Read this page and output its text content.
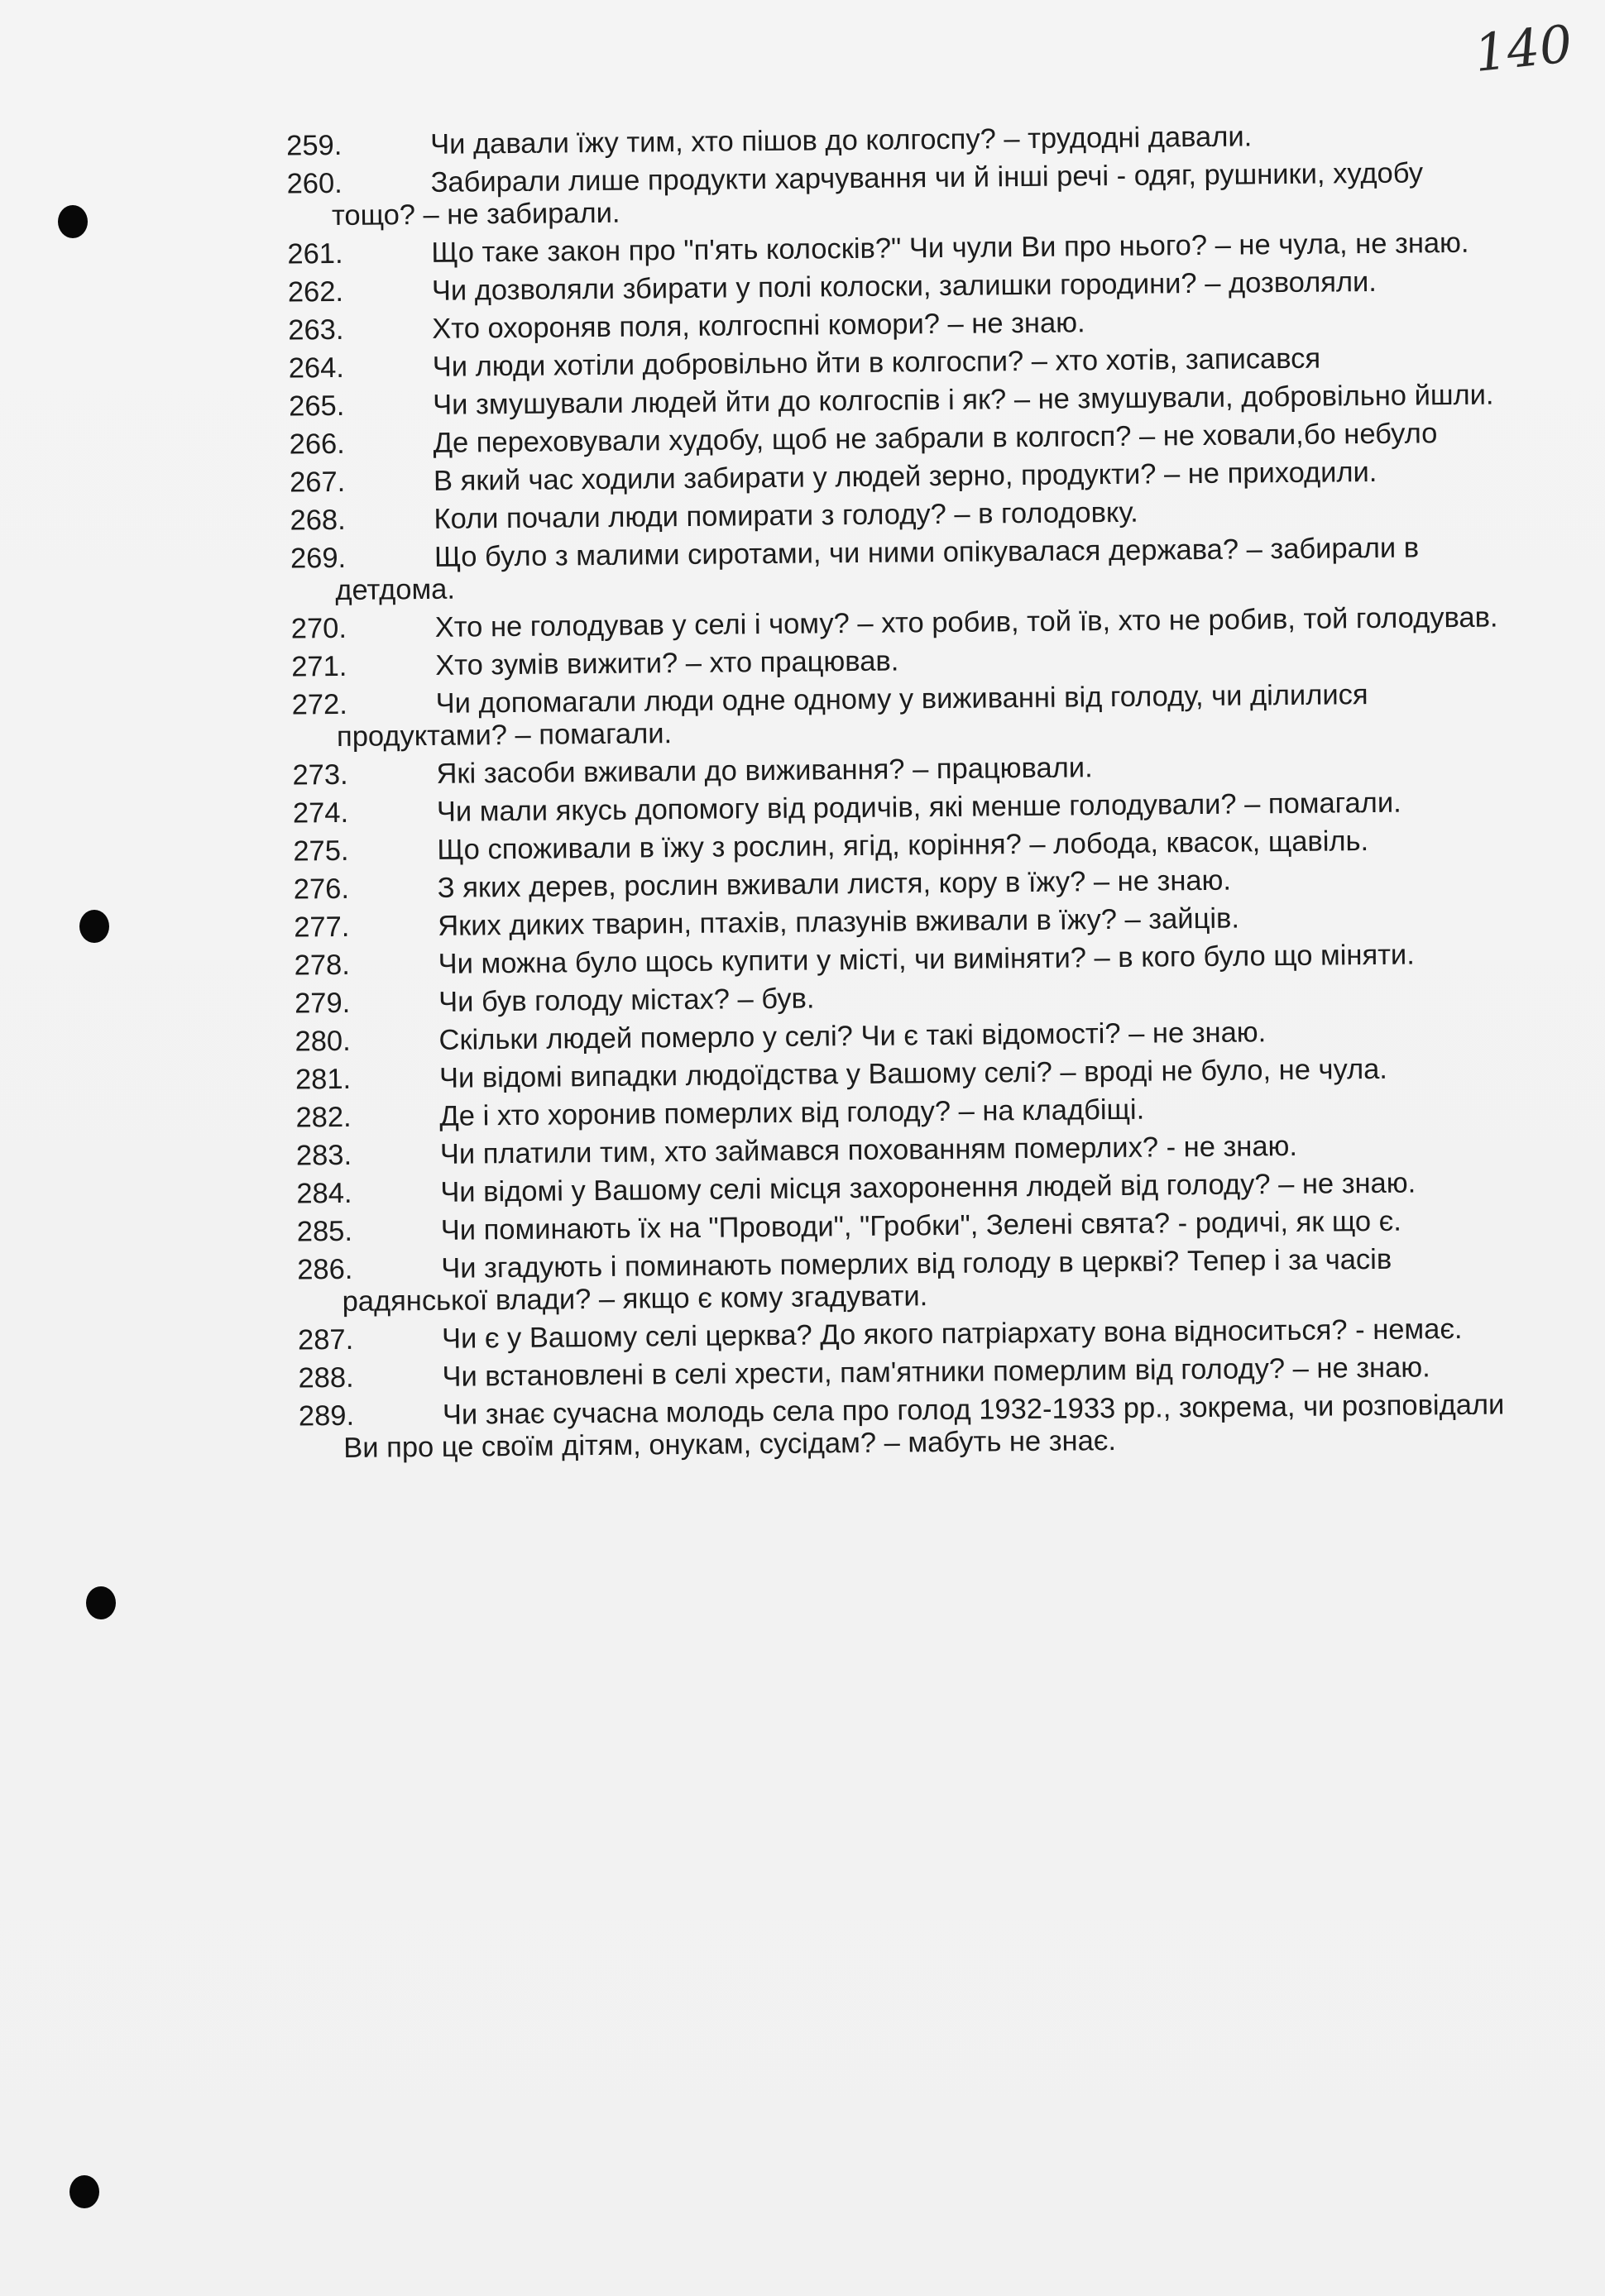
140
259.	Чи давали їжу тим, хто пішов до колгоспу? – трудодні давали.
260.	Забирали лише продукти харчування чи й інші речі - одяг, рушники, худобу тощо? – не забирали.
261.	Що таке закон про "п'ять колосків?" Чи чули Ви про нього? – не чула, не знаю.
262.	Чи дозволяли збирати у полі колоски, залишки городини? – дозволяли.
263.	Хто охороняв поля, колгоспні комори? – не знаю.
264.	Чи люди хотіли добровільно йти в колгоспи? – хто хотів, записався
265.	Чи змушували людей йти до колгоспів і як? – не змушували, добровільно йшли.
266.	Де переховували худобу, щоб не забрали в колгосп? – не ховали,бо небуло
267.	В який час ходили забирати у людей зерно, продукти? – не приходили.
268.	Коли почали люди помирати з голоду? – в голодовку.
269.	Що було з малими сиротами, чи ними опікувалася держава? – забирали в детдома.
270.	Хто не голодував у селі і чому? – хто робив, той їв, хто не робив, той голодував.
271.	Хто зумів вижити? – хто працював.
272.	Чи допомагали люди одне одному у виживанні від голоду, чи ділилися продуктами? – помагали.
273.	Які засоби вживали до виживання? – працювали.
274.	Чи мали якусь допомогу від родичів, які менше голодували? – помагали.
275.	Що споживали в їжу з рослин, ягід, коріння? – лобода, квасок, щавіль.
276.	З яких дерев, рослин вживали листя, кору в їжу? – не знаю.
277.	Яких диких тварин, птахів, плазунів вживали в їжу? – зайців.
278.	Чи можна було щось купити у місті, чи виміняти? – в кого було що міняти.
279.	Чи був голоду містах? – був.
280.	Скільки людей померло у селі? Чи є такі відомості? – не знаю.
281.	Чи відомі випадки людоїдства у Вашому селі? – вроді не було, не чула.
282.	Де і хто хоронив померлих від голоду? – на кладбіщі.
283.	Чи платили тим, хто займався похованням померлих? - не знаю.
284.	Чи відомі у Вашому селі місця захоронення людей від голоду? – не знаю.
285.	Чи поминають їх на "Проводи", "Гробки", Зелені свята? - родичі, як що є.
286.	Чи згадують і поминають померлих від голоду в церкві? Тепер і за часів радянської влади? – якщо є кому згадувати.
287.	Чи є у Вашому селі церква? До якого патріархату вона відноситься? - немає.
288.	Чи встановлені в селі хрести, пам'ятники померлим від голоду? – не знаю.
289.	Чи знає сучасна молодь села про голод 1932-1933 рр., зокрема, чи розповідали Ви про це своїм дітям, онукам, сусідам? – мабуть не знає.
